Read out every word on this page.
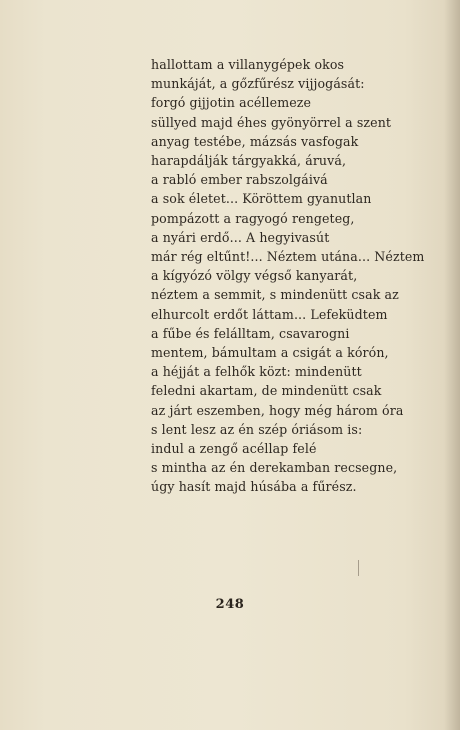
hallottam a villanygépek okos
munkáját, a gőzfűrész vijjogását:
forgó gijjotin acéllemeze
süllyed majd éhes gyönyörrel a szent
anyag testébe, mázsás vasfogak
harapdálják tárgyakká, áruvá,
a rabló ember rabszolgáivá
a sok életet... Köröttem gyanutlan
pompázott a ragyogó rengeteg,
a nyári erdő... A hegyivasút
már rég eltűnt!... Néztem utána... Néztem
a kígyózó völgy végső kanyarát,
néztem a semmit, s mindenütt csak az
elhurcolt erdőt láttam... Lefeküdtem
a fűbe és felálltam, csavarogni
mentem, bámultam a csigát a kórón,
a héjját a felhők közt: mindenütt
feledni akartam, de mindenütt csak
az járt eszemben, hogy még három óra
s lent lesz az én szép óriásom is:
indul a zengő acéllap felé
s mintha az én derekamban recsegne,
úgy hasít majd húsába a fűrész.
248
